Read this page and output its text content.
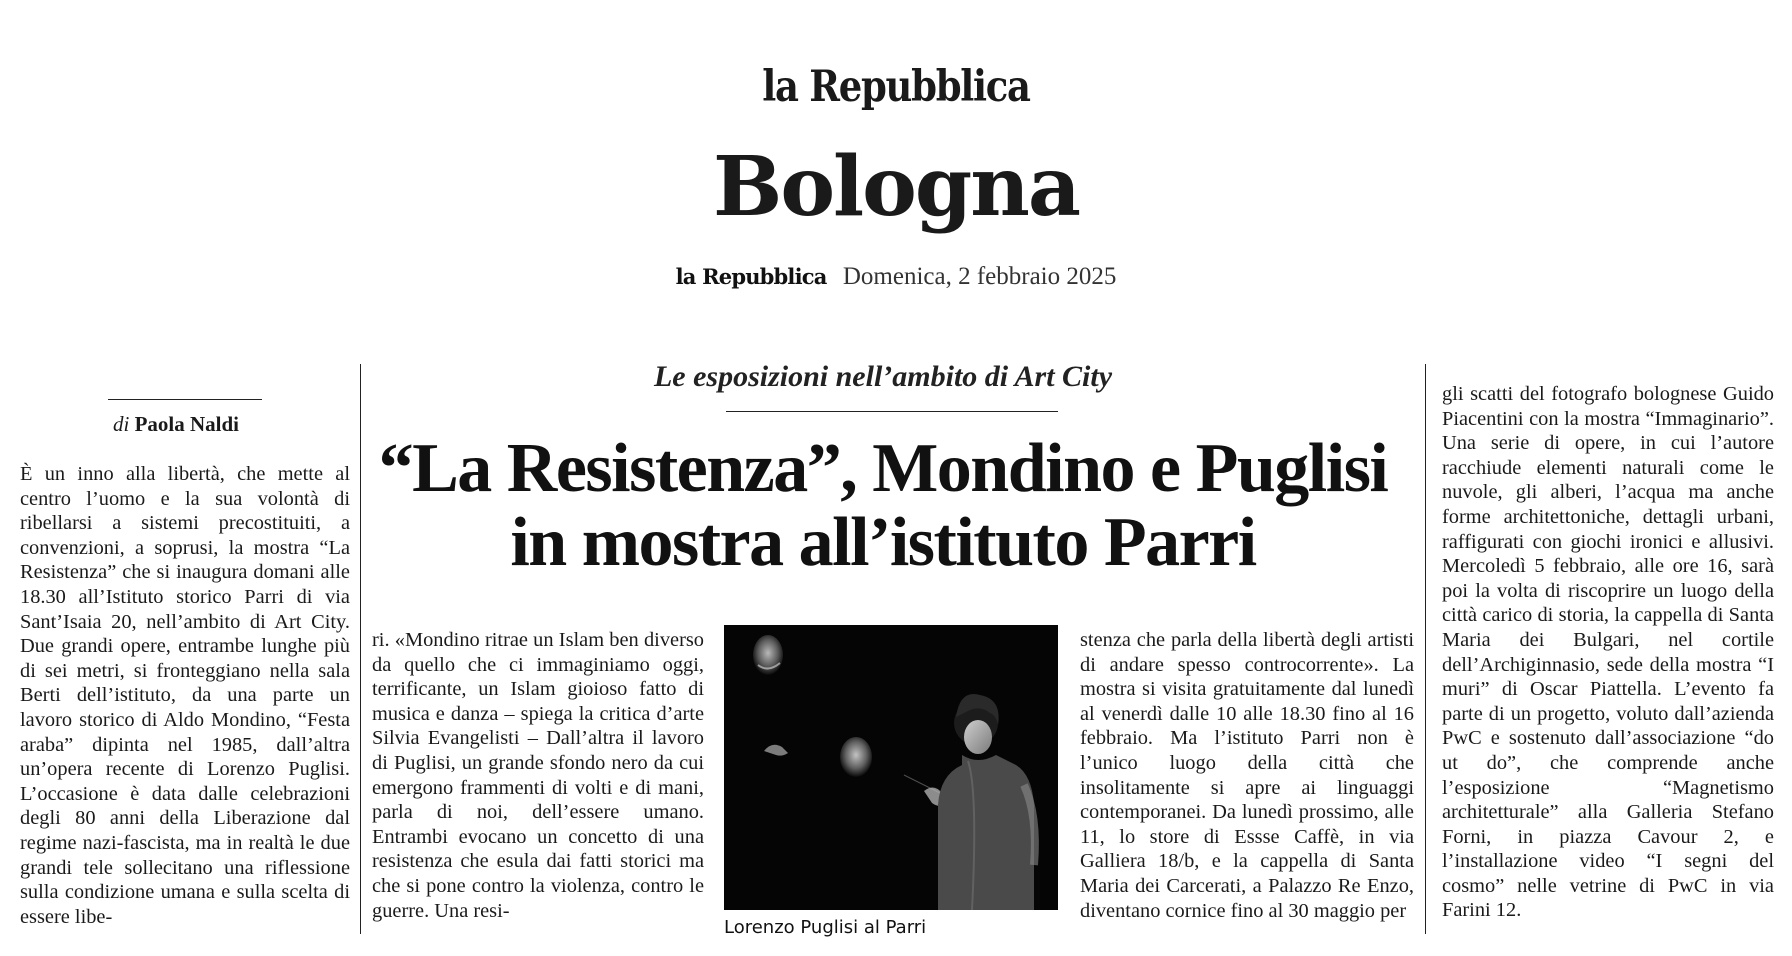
la Repubblica
Bologna
la Repubblica Domenica, 2 febbraio 2025
Le esposizioni nell’ambito di Art City
“La Resistenza”, Mondino e Puglisi
in mostra all’istituto Parri
di Paola Naldi

È un inno alla libertà, che mette al centro l’uomo e la sua volontà di ribellarsi a sistemi precostituiti, a convenzioni, a soprusi, la mostra “La Resistenza” che si inaugura domani alle 18.30 all’Istituto storico Parri di via Sant’Isaia 20, nell’ambito di Art City. Due grandi opere, entrambe lunghe più di sei metri, si fronteggiano nella sala Berti dell’istituto, da una parte un lavoro storico di Aldo Mondino, “Festa araba” dipinta nel 1985, dall’altra un’opera recente di Lorenzo Puglisi. L’occasione è data dalle celebrazioni degli 80 anni della Liberazione dal regime nazi-fascista, ma in realtà le due grandi tele sollecitano una riflessione sulla condizione umana e sulla scelta di essere libe-

ri. «Mondino ritrae un Islam ben diverso da quello che ci immaginiamo oggi, terrificante, un Islam gioioso fatto di musica e danza – spiega la critica d’arte Silvia Evangelisti – Dall’altra il lavoro di Puglisi, un grande sfondo nero da cui emergono frammenti di volti e di mani, parla di noi, dell’essere umano. Entrambi evocano un concetto di una resistenza che esula dai fatti storici ma che si pone contro la violenza, contro le guerre. Una resi-

Lorenzo Puglisi al Parri

stenza che parla della libertà degli artisti di andare spesso controcorrente». La mostra si visita gratuitamente dal lunedì al venerdì dalle 10 alle 18.30 fino al 16 febbraio. Ma l’istituto Parri non è l’unico luogo della città che insolitamente si apre ai linguaggi contemporanei. Da lunedì prossimo, alle 11, lo store di Essse Caffè, in via Galliera 18/b, e la cappella di Santa Maria dei Carcerati, a Palazzo Re Enzo, diventano cornice fino al 30 maggio per

gli scatti del fotografo bolognese Guido Piacentini con la mostra “Immaginario”. Una serie di opere, in cui l’autore racchiude elementi naturali come le nuvole, gli alberi, l’acqua ma anche forme architettoniche, dettagli urbani, raffigurati con giochi ironici e allusivi. Mercoledì 5 febbraio, alle ore 16, sarà poi la volta di riscoprire un luogo della città carico di storia, la cappella di Santa Maria dei Bulgari, nel cortile dell’Archiginnasio, sede della mostra “I muri” di Oscar Piattella. L’evento fa parte di un progetto, voluto dall’azienda PwC e sostenuto dall’associazione “do ut do”, che comprende anche l’esposizione “Magnetismo architetturale” alla Galleria Stefano Forni, in piazza Cavour 2, e l’installazione video “I segni del cosmo” nelle vetrine di PwC in via Farini 12.
